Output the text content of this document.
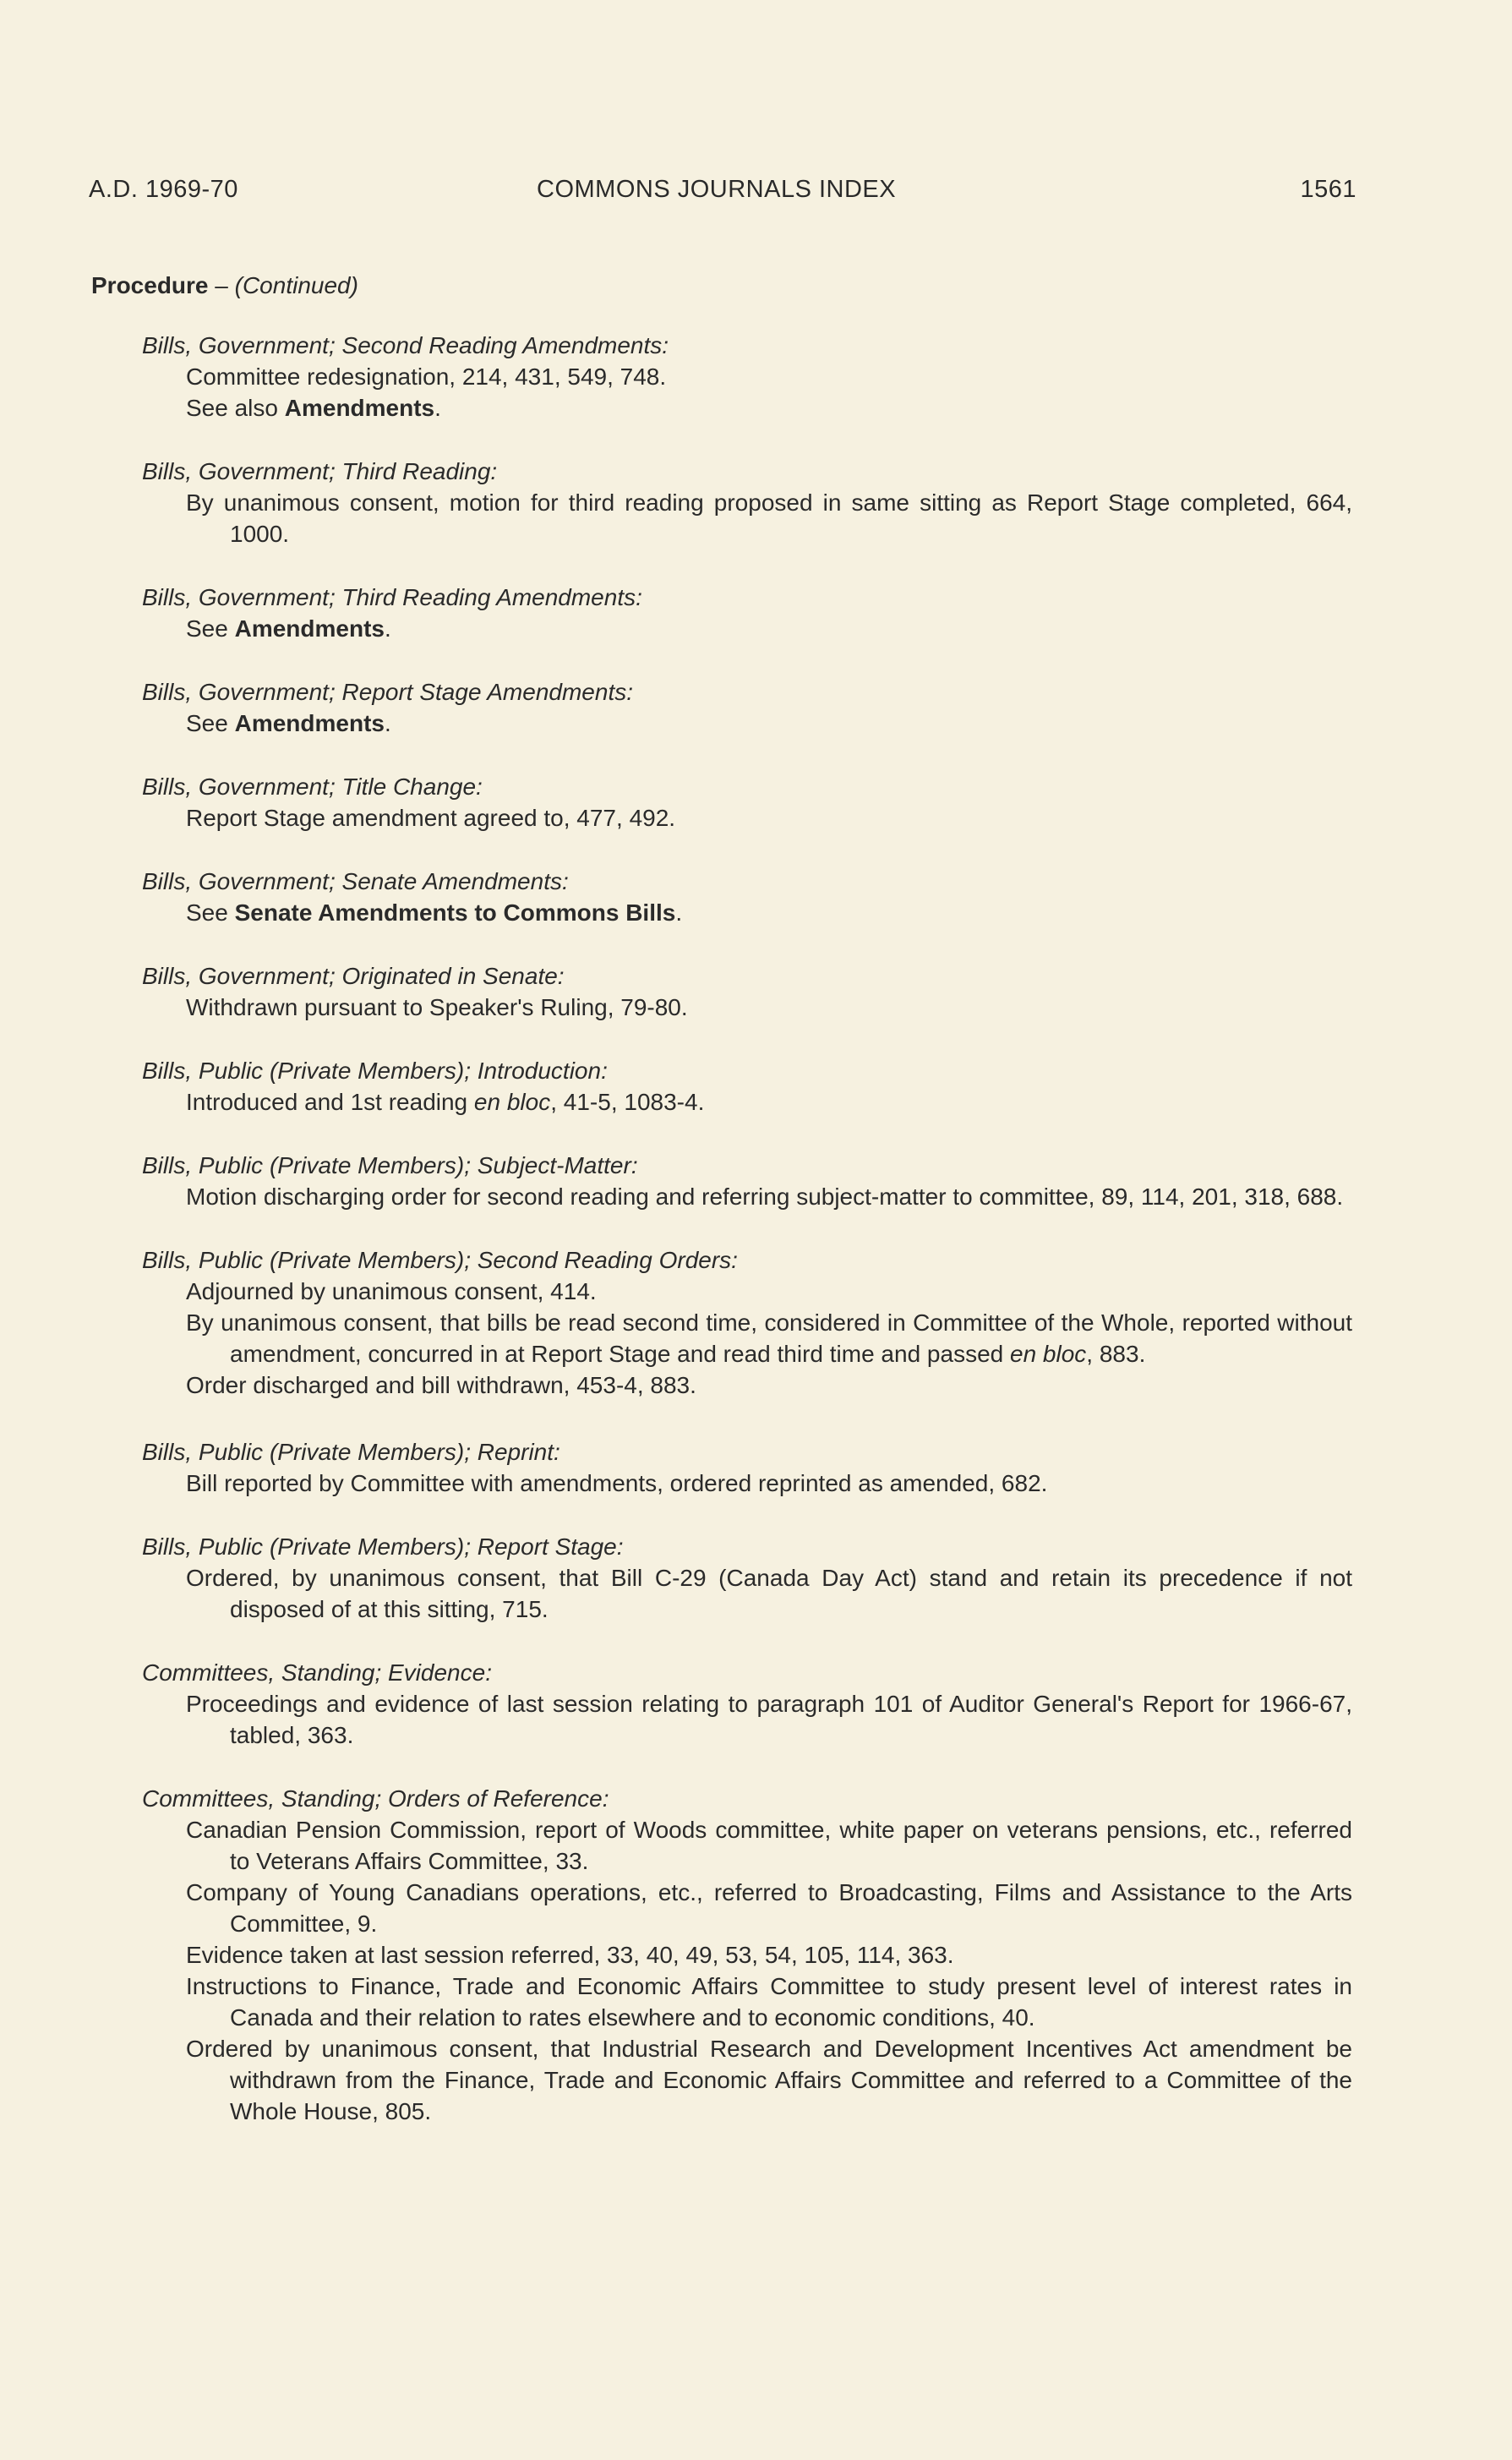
A.D. 1969-70	COMMONS JOURNALS INDEX	1561
Procedure – (Continued)
Bills, Government; Second Reading Amendments:
Committee redesignation, 214, 431, 549, 748.
See also Amendments.
Bills, Government; Third Reading:
By unanimous consent, motion for third reading proposed in same sitting as Report Stage completed, 664, 1000.
Bills, Government; Third Reading Amendments:
See Amendments.
Bills, Government; Report Stage Amendments:
See Amendments.
Bills, Government; Title Change:
Report Stage amendment agreed to, 477, 492.
Bills, Government; Senate Amendments:
See Senate Amendments to Commons Bills.
Bills, Government; Originated in Senate:
Withdrawn pursuant to Speaker's Ruling, 79-80.
Bills, Public (Private Members); Introduction:
Introduced and 1st reading en bloc, 41-5, 1083-4.
Bills, Public (Private Members); Subject-Matter:
Motion discharging order for second reading and referring subject-matter to committee, 89, 114, 201, 318, 688.
Bills, Public (Private Members); Second Reading Orders:
Adjourned by unanimous consent, 414.
By unanimous consent, that bills be read second time, considered in Committee of the Whole, reported without amendment, concurred in at Report Stage and read third time and passed en bloc, 883.
Order discharged and bill withdrawn, 453-4, 883.
Bills, Public (Private Members); Reprint:
Bill reported by Committee with amendments, ordered reprinted as amended, 682.
Bills, Public (Private Members); Report Stage:
Ordered, by unanimous consent, that Bill C-29 (Canada Day Act) stand and retain its precedence if not disposed of at this sitting, 715.
Committees, Standing; Evidence:
Proceedings and evidence of last session relating to paragraph 101 of Auditor General's Report for 1966-67, tabled, 363.
Committees, Standing; Orders of Reference:
Canadian Pension Commission, report of Woods committee, white paper on veterans pensions, etc., referred to Veterans Affairs Committee, 33.
Company of Young Canadians operations, etc., referred to Broadcasting, Films and Assistance to the Arts Committee, 9.
Evidence taken at last session referred, 33, 40, 49, 53, 54, 105, 114, 363.
Instructions to Finance, Trade and Economic Affairs Committee to study present level of interest rates in Canada and their relation to rates elsewhere and to economic conditions, 40.
Ordered by unanimous consent, that Industrial Research and Development Incentives Act amendment be withdrawn from the Finance, Trade and Economic Affairs Committee and referred to a Committee of the Whole House, 805.
